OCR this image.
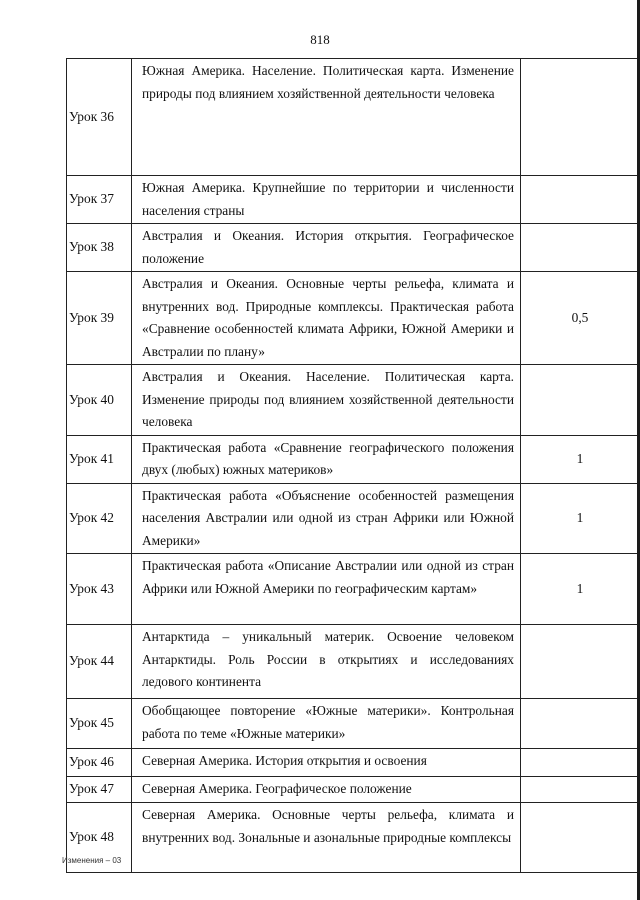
818
Урок 36	Южная Америка. Население. Политическая карта. Изменение природы под влиянием хозяйственной деятельности человека	
Урок 37	Южная Америка. Крупнейшие по территории и численности населения страны	
Урок 38	Австралия и Океания. История открытия. Географическое положение	
Урок 39	Австралия и Океания. Основные черты рельефа, климата и внутренних вод. Природные комплексы. Практическая работа «Сравнение особенностей климата Африки, Южной Америки и Австралии по плану»	0,5
Урок 40	Австралия и Океания. Население. Политическая карта. Изменение природы под влиянием хозяйственной деятельности человека	
Урок 41	Практическая работа «Сравнение географического положения двух (любых) южных материков»	1
Урок 42	Практическая работа «Объяснение особенностей размещения населения Австралии или одной из стран Африки или Южной Америки»	1
Урок 43	Практическая работа «Описание Австралии или одной из стран Африки или Южной Америки по географическим картам»	1
Урок 44	Антарктида – уникальный материк. Освоение человеком Антарктиды. Роль России в открытиях и исследованиях ледового континента	
Урок 45	Обобщающее повторение «Южные материки». Контрольная работа по теме «Южные материки»	
Урок 46	Северная Америка. История открытия и освоения	
Урок 47	Северная Америка. Географическое положение	
Урок 48	Северная Америка. Основные черты рельефа, климата и внутренних вод. Зональные и азональные природные комплексы	
Изменения – 03
